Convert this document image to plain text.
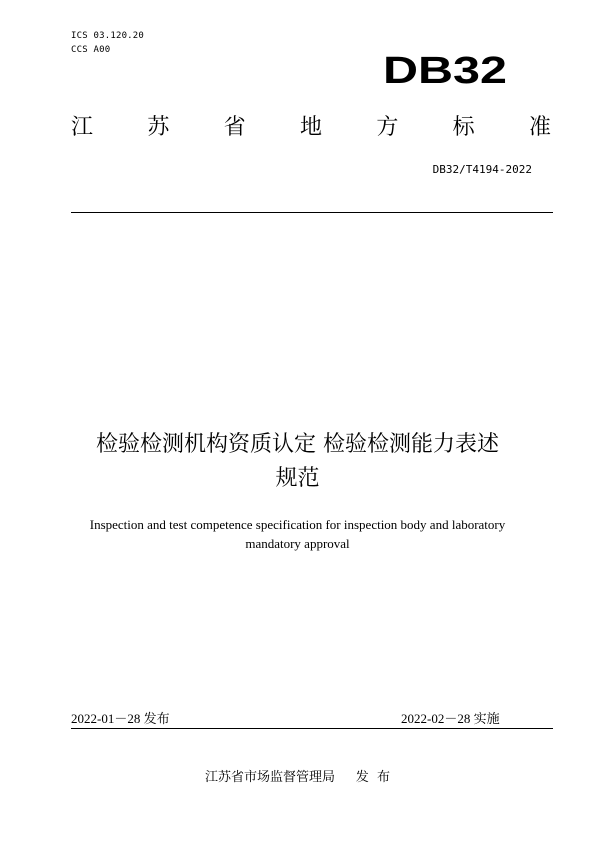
ICS 03.120.20
CCS A00	DB32
江 苏 省 地 方 标 准
DB32/T4194-2022
检验检测机构资质认定 检验检测能力表述
规范
Inspection and test competence specification for inspection body and laboratory
mandatory approval
2022-01－28 发布	2022-02－28 实施
江苏省市场监督管理局     发  布
